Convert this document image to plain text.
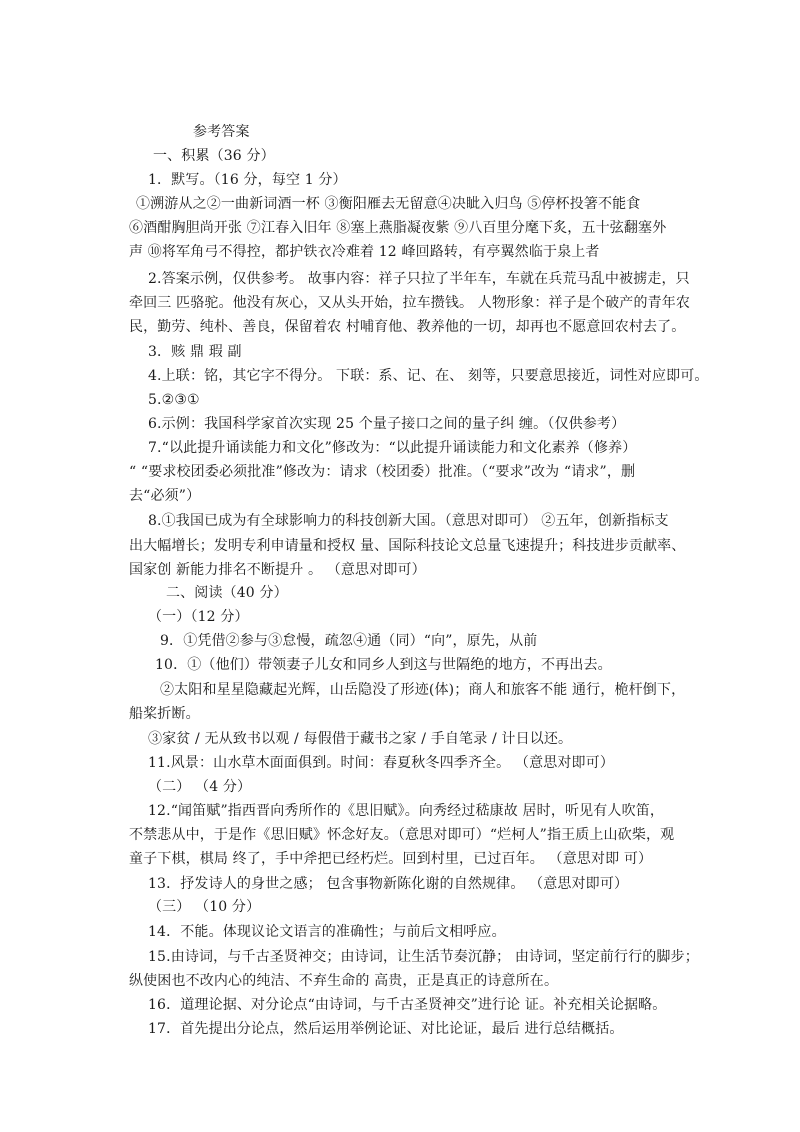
参考答案
一、积累（36 分）
1．默写。（16 分，每空 1 分）
①溯游从之②一曲新词酒一杯 ③衡阳雁去无留意④决眦入归鸟 ⑤停杯投箸不能食
⑥酒酣胸胆尚开张 ⑦江春入旧年 ⑧塞上燕脂凝夜紫 ⑨八百里分麾下炙，五十弦翻塞外
声 ⑩将军角弓不得控，都护铁衣冷难着 12 峰回路转，有亭翼然临于泉上者
2.答案示例，仅供参考。 故事内容：祥子只拉了半年车，车就在兵荒马乱中被掳走，只
牵回三 匹骆驼。他没有灰心，又从头开始，拉车攒钱。 人物形象：祥子是个破产的青年农
民，勤劳、纯朴、善良，保留着农 村哺育他、教养他的一切，却再也不愿意回农村去了。
3．赅 鼎 瑕 副
4.上联：铭，其它字不得分。 下联：系、记、在、 刻等，只要意思接近，词性对应即可。
5.②③①
6.示例：我国科学家首次实现 25 个量子接口之间的量子纠 缠。（仅供参考）
7.“以此提升诵读能力和文化”修改为：“以此提升诵读能力和文化素养（修养）
“ “要求校团委必须批准”修改为：请求（校团委）批准。（“要求”改为 “请求”，删
去“必须”）
8.①我国已成为有全球影响力的科技创新大国。（意思对即可） ②五年，创新指标支
出大幅增长；发明专利申请量和授权 量、国际科技论文总量飞速提升；科技进步贡献率、
国家创 新能力排名不断提升 。 （意思对即可）
二、阅读（40 分）
（一）（12 分）
9．①凭借②参与③怠慢，疏忽④通（同）“向”，原先，从前
10．①（他们）带领妻子儿女和同乡人到这与世隔绝的地方，不再出去。
②太阳和星星隐藏起光辉，山岳隐没了形迹(体)；商人和旅客不能 通行，桅杆倒下，
船桨折断。
③家贫 / 无从致书以观 / 每假借于藏书之家 / 手自笔录 / 计日以还。
11.风景：山水草木面面俱到。时间：春夏秋冬四季齐全。 （意思对即可）
（二） （4 分）
12.“闻笛赋”指西晋向秀所作的《思旧赋》。向秀经过嵇康故 居时，听见有人吹笛，
不禁悲从中，于是作《思旧赋》怀念好友。（意思对即可）“烂柯人”指王质上山砍柴，观
童子下棋，棋局 终了，手中斧把已经朽烂。回到村里，已过百年。 （意思对即 可）
13．抒发诗人的身世之感； 包含事物新陈化谢的自然规律。 （意思对即可）
（三） （10 分）
14．不能。体现议论文语言的准确性；与前后文相呼应。
15.由诗词，与千古圣贤神交；由诗词，让生活节奏沉静； 由诗词，坚定前行行的脚步；
纵使困也不改内心的纯洁、不弃生命的 高贵，正是真正的诗意所在。
16．道理论据、对分论点“由诗词，与千古圣贤神交”进行论 证。补充相关论据略。
17．首先提出分论点，然后运用举例论证、对比论证，最后 进行总结概括。
